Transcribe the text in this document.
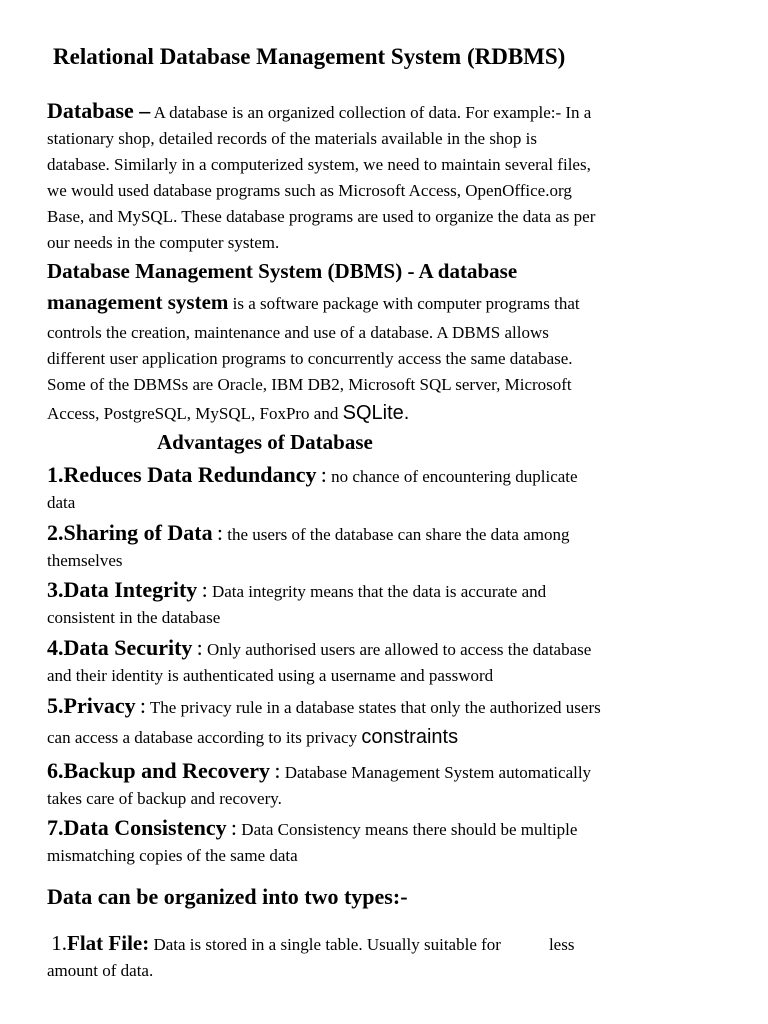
Relational Database Management System (RDBMS)
Database – A database is an organized collection of data. For example:- In a
stationary shop, detailed records of the materials available in the shop is
database. Similarly in a computerized system, we need to maintain several files,
we would used database programs such as Microsoft Access, OpenOffice.org
Base, and MySQL. These database programs are used to organize the data as per
our needs in the computer system.
Database Management System (DBMS) - A database
management system is a software package with computer programs that
controls the creation, maintenance and use of a database. A DBMS allows
different user application programs to concurrently access the same database.
Some of the DBMSs are Oracle, IBM DB2, Microsoft SQL server, Microsoft
Access, PostgreSQL, MySQL, FoxPro and SQLite.
Advantages of Database
1.Reduces Data Redundancy : no chance of encountering duplicate
data
2.Sharing of Data : the users of the database can share the data among
themselves
3.Data Integrity : Data integrity means that the data is accurate and
consistent in the database
4.Data Security : Only authorised users are allowed to access the database
and their identity is authenticated using a username and password
5.Privacy : The privacy rule in a database states that only the authorized users
can access a database according to its privacy constraints
6.Backup and Recovery : Database Management System automatically
takes care of backup and recovery.
7.Data Consistency : Data Consistency means there should be multiple
mismatching copies of the same data
Data can be organized into two types:-
1.Flat File: Data is stored in a single table. Usually suitable for	less
amount of data.
